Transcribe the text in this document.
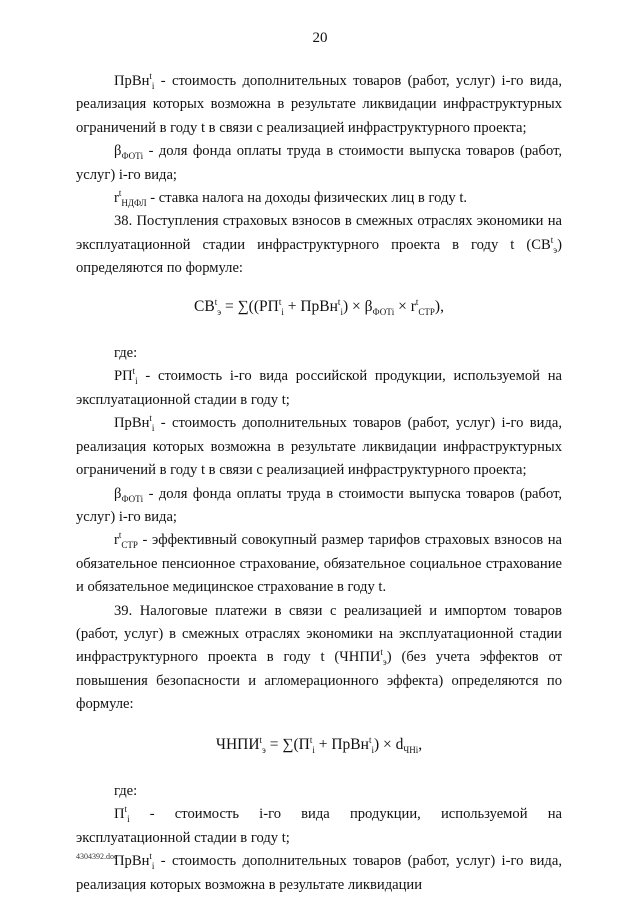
20

ПрВн$^t_i$ - стоимость дополнительных товаров (работ, услуг) i-го вида, реализация которых возможна в результате ликвидации инфраструктурных ограничений в году t в связи с реализацией инфраструктурного проекта;

$\beta_{ФОТi}$ - доля фонда оплаты труда в стоимости выпуска товаров (работ, услуг) i-го вида;

$r^t_{НДФЛ}$ - ставка налога на доходы физических лиц в году t.

38. Поступления страховых взносов в смежных отраслях экономики на эксплуатационной стадии инфраструктурного проекта в году t $(СВ^t_э)$ определяются по формуле:

$СВ^t_э = \sum((РП^t_i$ + ПрВн$^t_i$) × $\beta_{ФОТi} \times r^t_{СТР}$),

где:

$РП^t_i$ - стоимость i-го вида российской продукции, используемой на эксплуатационной стадии в году t;

ПрВн$^t_i$ - стоимость дополнительных товаров (работ, услуг) i-го вида, реализация которых возможна в результате ликвидации инфраструктурных ограничений в году t в связи с реализацией инфраструктурного проекта;

$\beta_{ФОТi}$ - доля фонда оплаты труда в стоимости выпуска товаров (работ, услуг) i-го вида;

$r^t_{СТР}$ - эффективный совокупный размер тарифов страховых взносов на обязательное пенсионное страхование, обязательное социальное страхование и обязательное медицинское страхование в году t.

39. Налоговые платежи в связи с реализацией и импортом товаров (работ, услуг) в смежных отраслях экономики на эксплуатационной стадии инфраструктурного проекта в году t $(ЧНПИ^t_э)$ (без учета эффектов от повышения безопасности и агломерационного эффекта) определяются по формуле:

$ЧНПИ^t_э = \sum(П^t_i$ + ПрВн$^t_i$) × $d_{ЧНi}$,

где:

$П^t_i$ - стоимость i-го вида продукции, используемой на эксплуатационной стадии в году t;

ПрВн$^t_i$ - стоимость дополнительных товаров (работ, услуг) i-го вида, реализация которых возможна в результате ликвидации

4304392.doc
